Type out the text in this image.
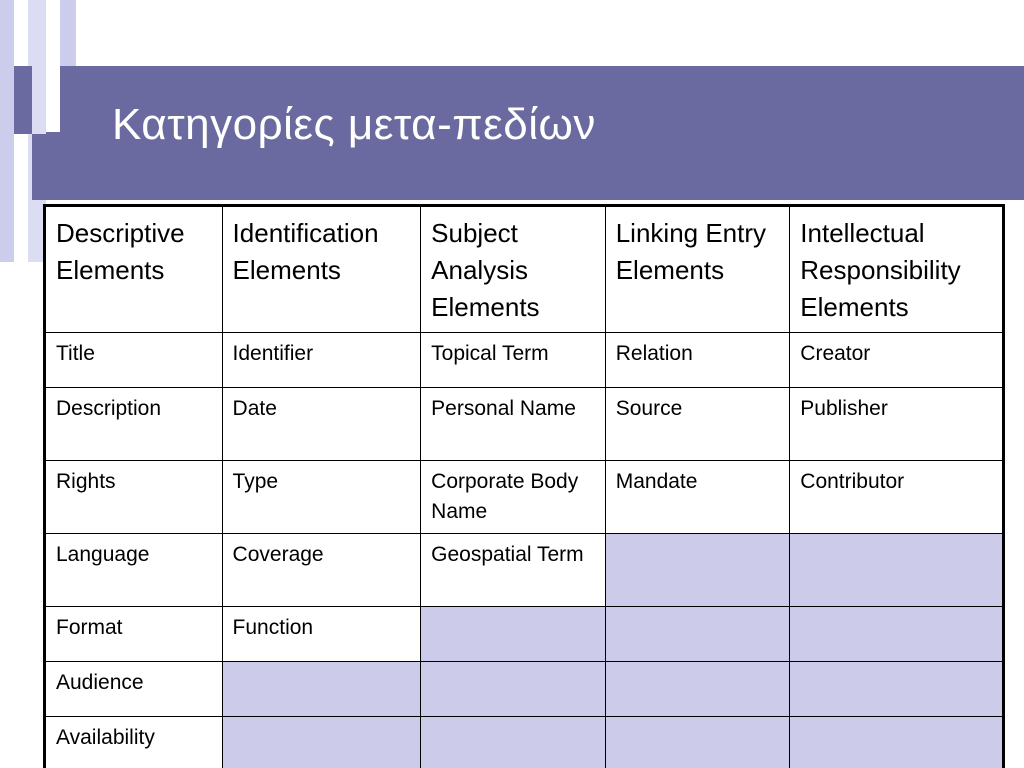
Κατηγορίες μετα-πεδίων
Descriptive Elements	Identification Elements	Subject Analysis Elements	Linking Entry Elements	Intellectual Responsibility Elements
Title	Identifier	Topical Term	Relation	Creator
Description	Date	Personal Name	Source	Publisher
Rights	Type	Corporate Body Name	Mandate	Contributor
Language	Coverage	Geospatial Term		
Format	Function			
Audience				
Availability				
